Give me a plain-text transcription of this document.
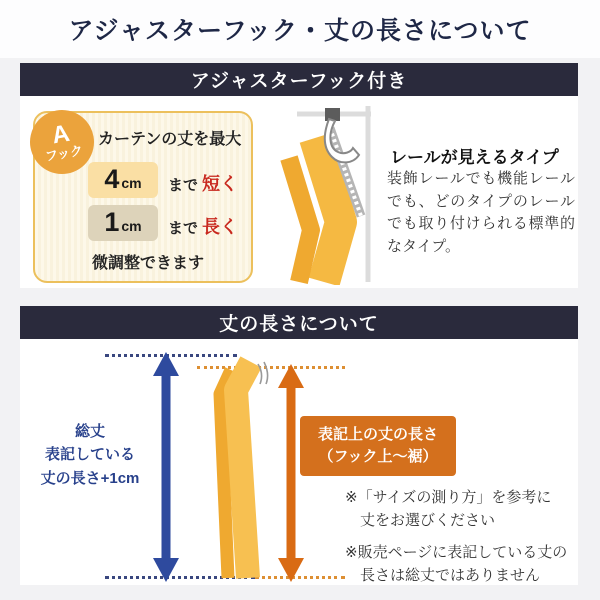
アジャスターフック・丈の長さについて
アジャスターフック付き
A
フック
カーテンの丈を最大
4 cm まで 短く
1 cm まで 長く
微調整できます
レールが見えるタイプ
装飾レールでも機能レールでも、どのタイプのレールでも取り付けられる標準的なタイプ。
丈の長さについて
総丈
表記している
丈の長さ+1cm
表記上の丈の長さ
（フック上〜裾）
※「サイズの測り方」を参考に
丈をお選びください
※販売ページに表記している丈の
長さは総丈ではありません
